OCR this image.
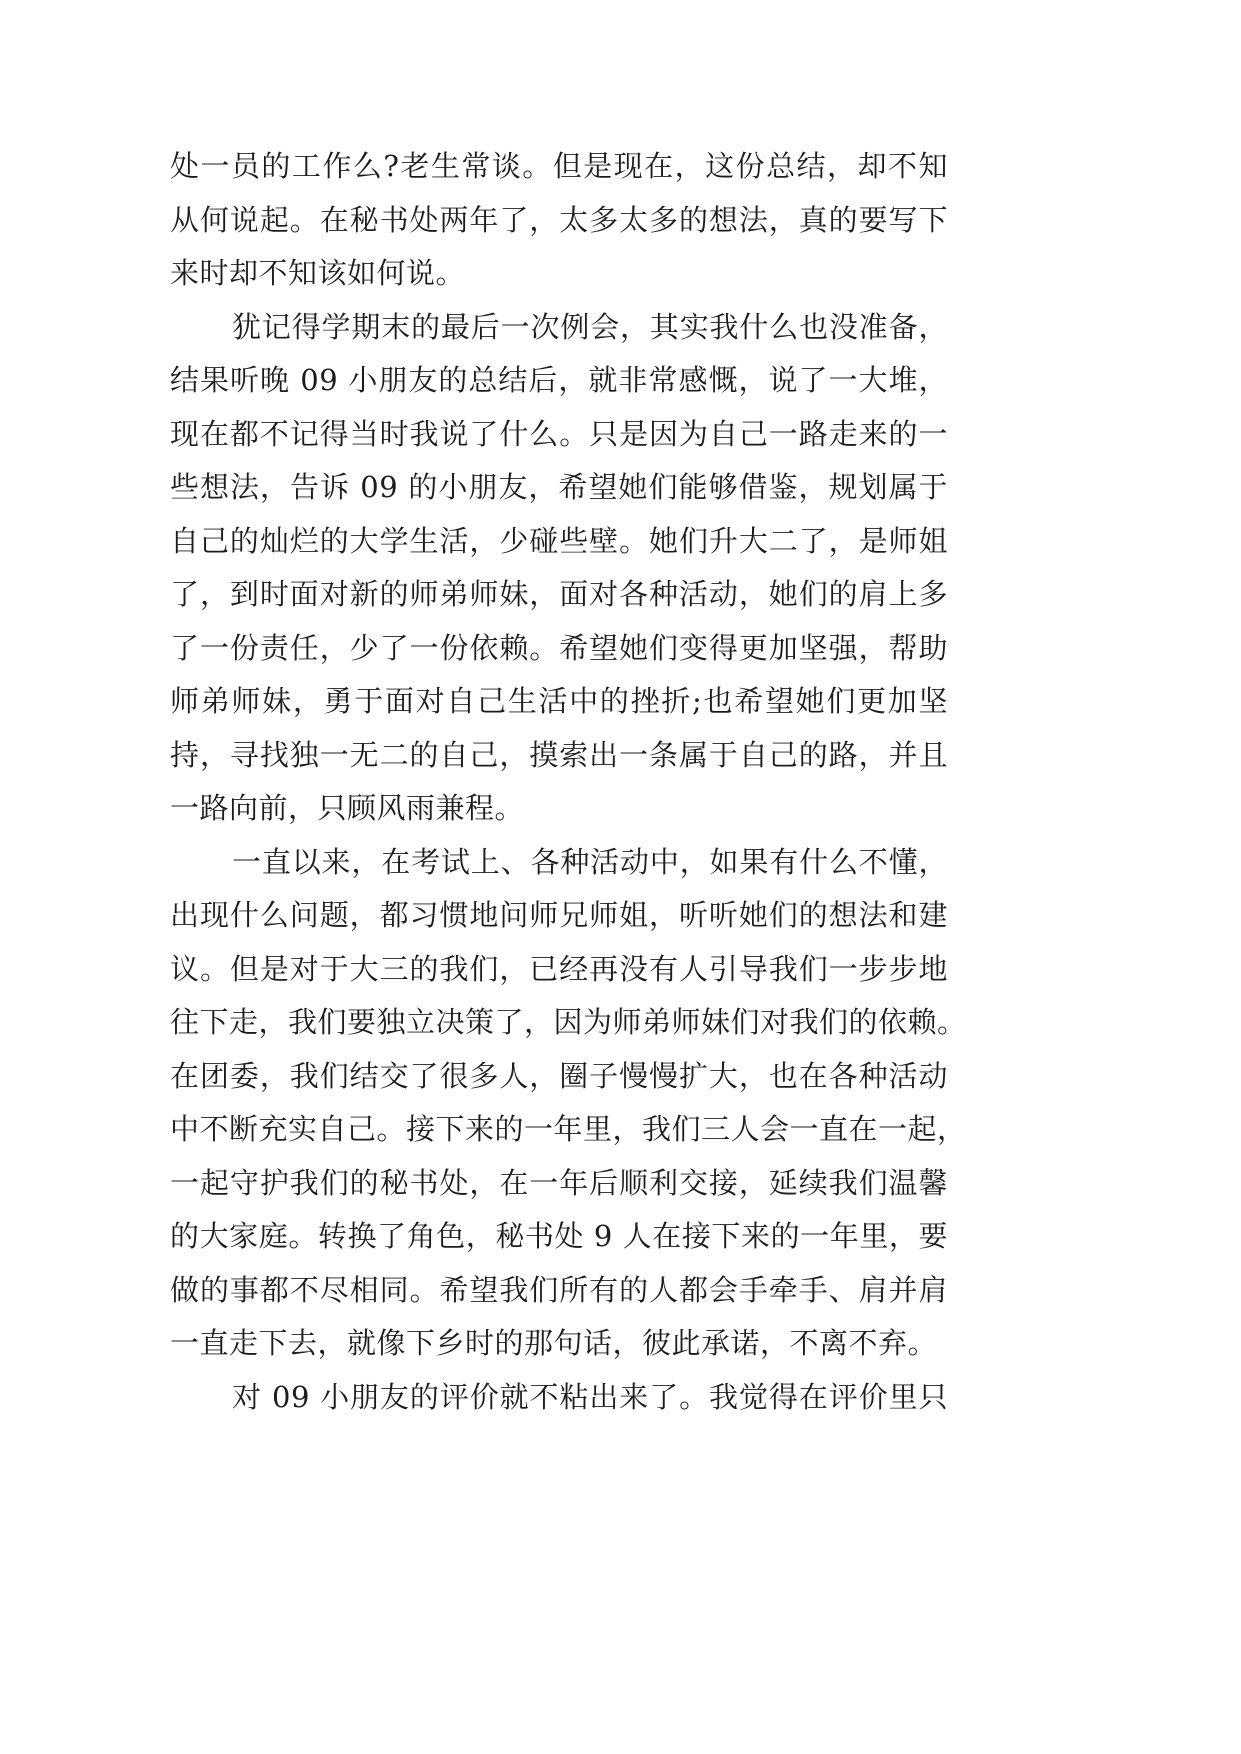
处一员的工作么?老生常谈。但是现在，这份总结，却不知
从何说起。在秘书处两年了，太多太多的想法，真的要写下
来时却不知该如何说。
犹记得学期末的最后一次例会，其实我什么也没准备，
结果听晚 09 小朋友的总结后，就非常感慨，说了一大堆，
现在都不记得当时我说了什么。只是因为自己一路走来的一
些想法，告诉 09 的小朋友，希望她们能够借鉴，规划属于
自己的灿烂的大学生活，少碰些壁。她们升大二了，是师姐
了，到时面对新的师弟师妹，面对各种活动，她们的肩上多
了一份责任，少了一份依赖。希望她们变得更加坚强，帮助
师弟师妹，勇于面对自己生活中的挫折;也希望她们更加坚
持，寻找独一无二的自己，摸索出一条属于自己的路，并且
一路向前，只顾风雨兼程。
一直以来，在考试上、各种活动中，如果有什么不懂，
出现什么问题，都习惯地问师兄师姐，听听她们的想法和建
议。但是对于大三的我们，已经再没有人引导我们一步步地
往下走，我们要独立决策了，因为师弟师妹们对我们的依赖。
在团委，我们结交了很多人，圈子慢慢扩大，也在各种活动
中不断充实自己。接下来的一年里，我们三人会一直在一起，
一起守护我们的秘书处，在一年后顺利交接，延续我们温馨
的大家庭。转换了角色，秘书处 9 人在接下来的一年里，要
做的事都不尽相同。希望我们所有的人都会手牵手、肩并肩
一直走下去，就像下乡时的那句话，彼此承诺，不离不弃。
对 09 小朋友的评价就不粘出来了。我觉得在评价里只
